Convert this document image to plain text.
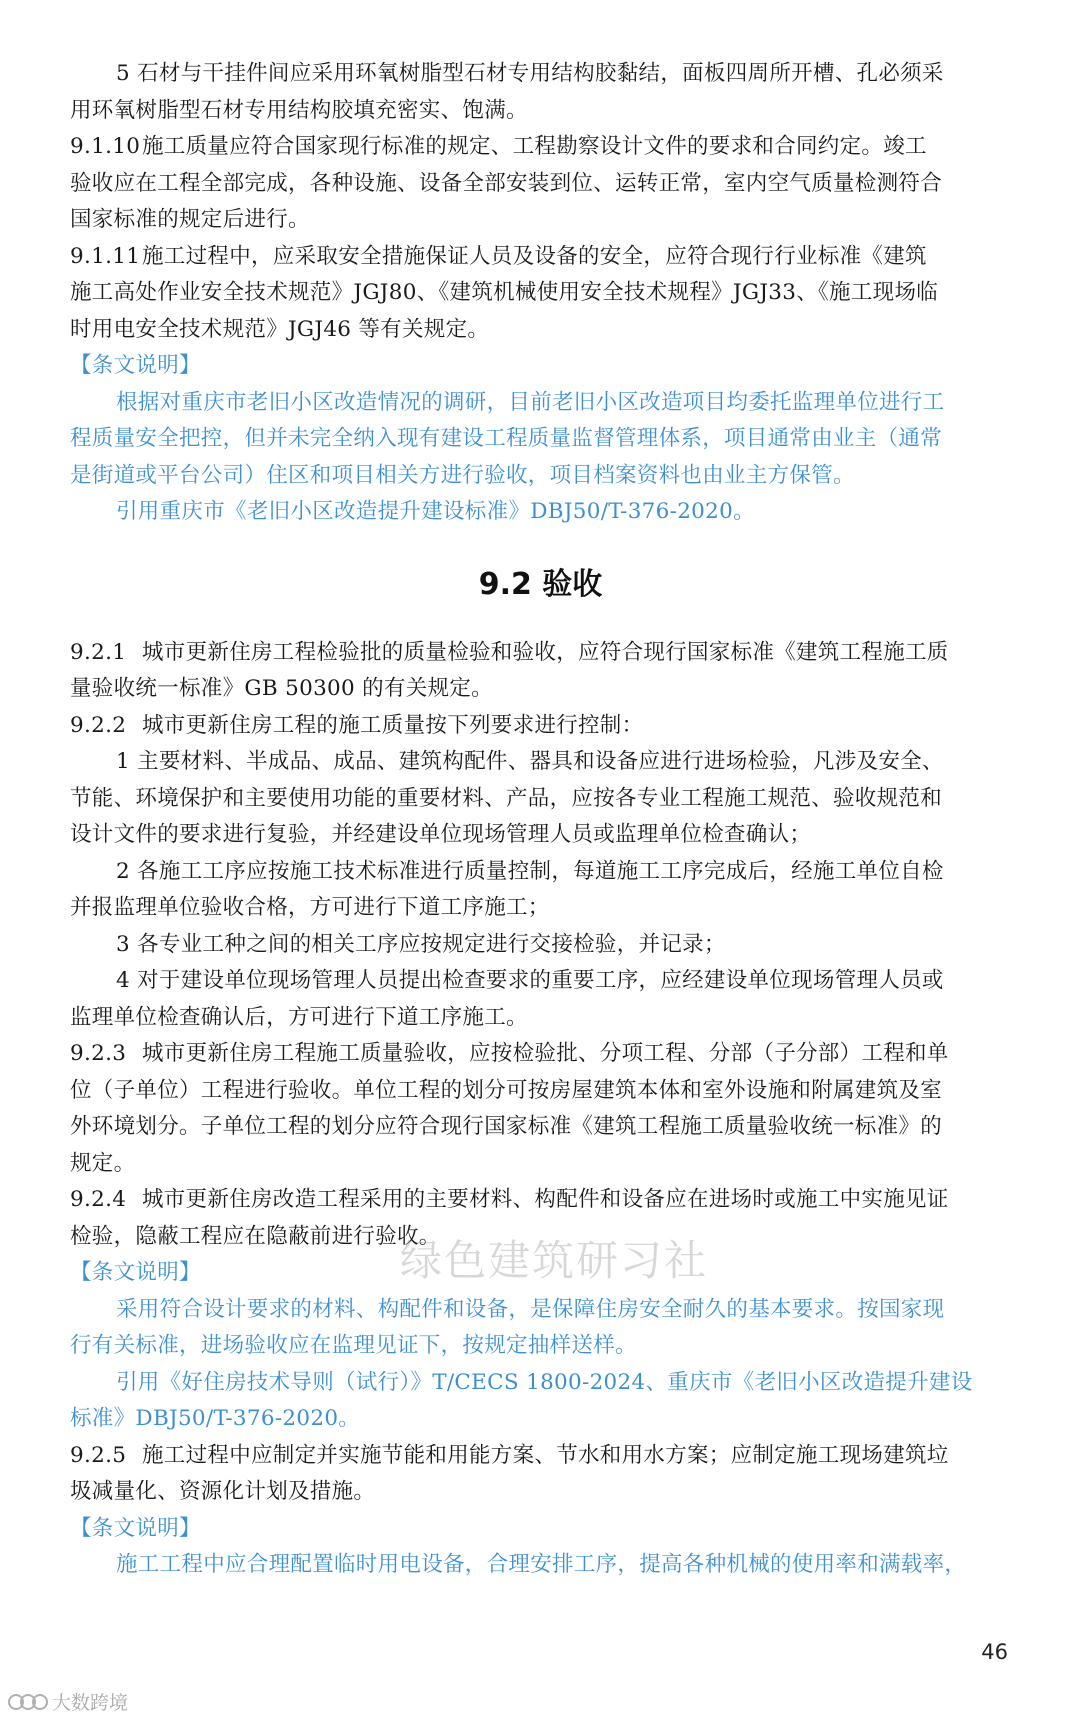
5 石材与干挂件间应采用环氧树脂型石材专用结构胶黏结，面板四周所开槽、孔必须采
用环氧树脂型石材专用结构胶填充密实、饱满。
9.1.10施工质量应符合国家现行标准的规定、工程勘察设计文件的要求和合同约定。竣工
验收应在工程全部完成，各种设施、设备全部安装到位、运转正常，室内空气质量检测符合
国家标准的规定后进行。
9.1.11施工过程中，应采取安全措施保证人员及设备的安全，应符合现行行业标准《建筑
施工高处作业安全技术规范》JGJ80、《建筑机械使用安全技术规程》JGJ33、《施工现场临
时用电安全技术规范》JGJ46 等有关规定。
【条文说明】
根据对重庆市老旧小区改造情况的调研，目前老旧小区改造项目均委托监理单位进行工
程质量安全把控，但并未完全纳入现有建设工程质量监督管理体系，项目通常由业主（通常
是街道或平台公司）住区和项目相关方进行验收，项目档案资料也由业主方保管。
引用重庆市《老旧小区改造提升建设标准》DBJ50/T-376-2020。
9.2 验收
9.2.1 城市更新住房工程检验批的质量检验和验收，应符合现行国家标准《建筑工程施工质
量验收统一标准》GB 50300 的有关规定。
9.2.2 城市更新住房工程的施工质量按下列要求进行控制：
1 主要材料、半成品、成品、建筑构配件、器具和设备应进行进场检验，凡涉及安全、
节能、环境保护和主要使用功能的重要材料、产品，应按各专业工程施工规范、验收规范和
设计文件的要求进行复验，并经建设单位现场管理人员或监理单位检查确认；
2 各施工工序应按施工技术标准进行质量控制，每道施工工序完成后，经施工单位自检
并报监理单位验收合格，方可进行下道工序施工；
3 各专业工种之间的相关工序应按规定进行交接检验，并记录；
4 对于建设单位现场管理人员提出检查要求的重要工序，应经建设单位现场管理人员或
监理单位检查确认后，方可进行下道工序施工。
9.2.3 城市更新住房工程施工质量验收，应按检验批、分项工程、分部（子分部）工程和单
位（子单位）工程进行验收。单位工程的划分可按房屋建筑本体和室外设施和附属建筑及室
外环境划分。子单位工程的划分应符合现行国家标准《建筑工程施工质量验收统一标准》的
规定。
9.2.4 城市更新住房改造工程采用的主要材料、构配件和设备应在进场时或施工中实施见证
检验，隐蔽工程应在隐蔽前进行验收。
【条文说明】
采用符合设计要求的材料、构配件和设备，是保障住房安全耐久的基本要求。按国家现
行有关标准，进场验收应在监理见证下，按规定抽样送样。
引用《好住房技术导则（试行）》T/CECS 1800-2024、重庆市《老旧小区改造提升建设
标准》DBJ50/T-376-2020。
9.2.5 施工过程中应制定并实施节能和用能方案、节水和用水方案；应制定施工现场建筑垃
圾减量化、资源化计划及措施。
【条文说明】
施工工程中应合理配置临时用电设备，合理安排工序，提高各种机械的使用率和满载率，
绿色建筑研习社
46
大数跨境
